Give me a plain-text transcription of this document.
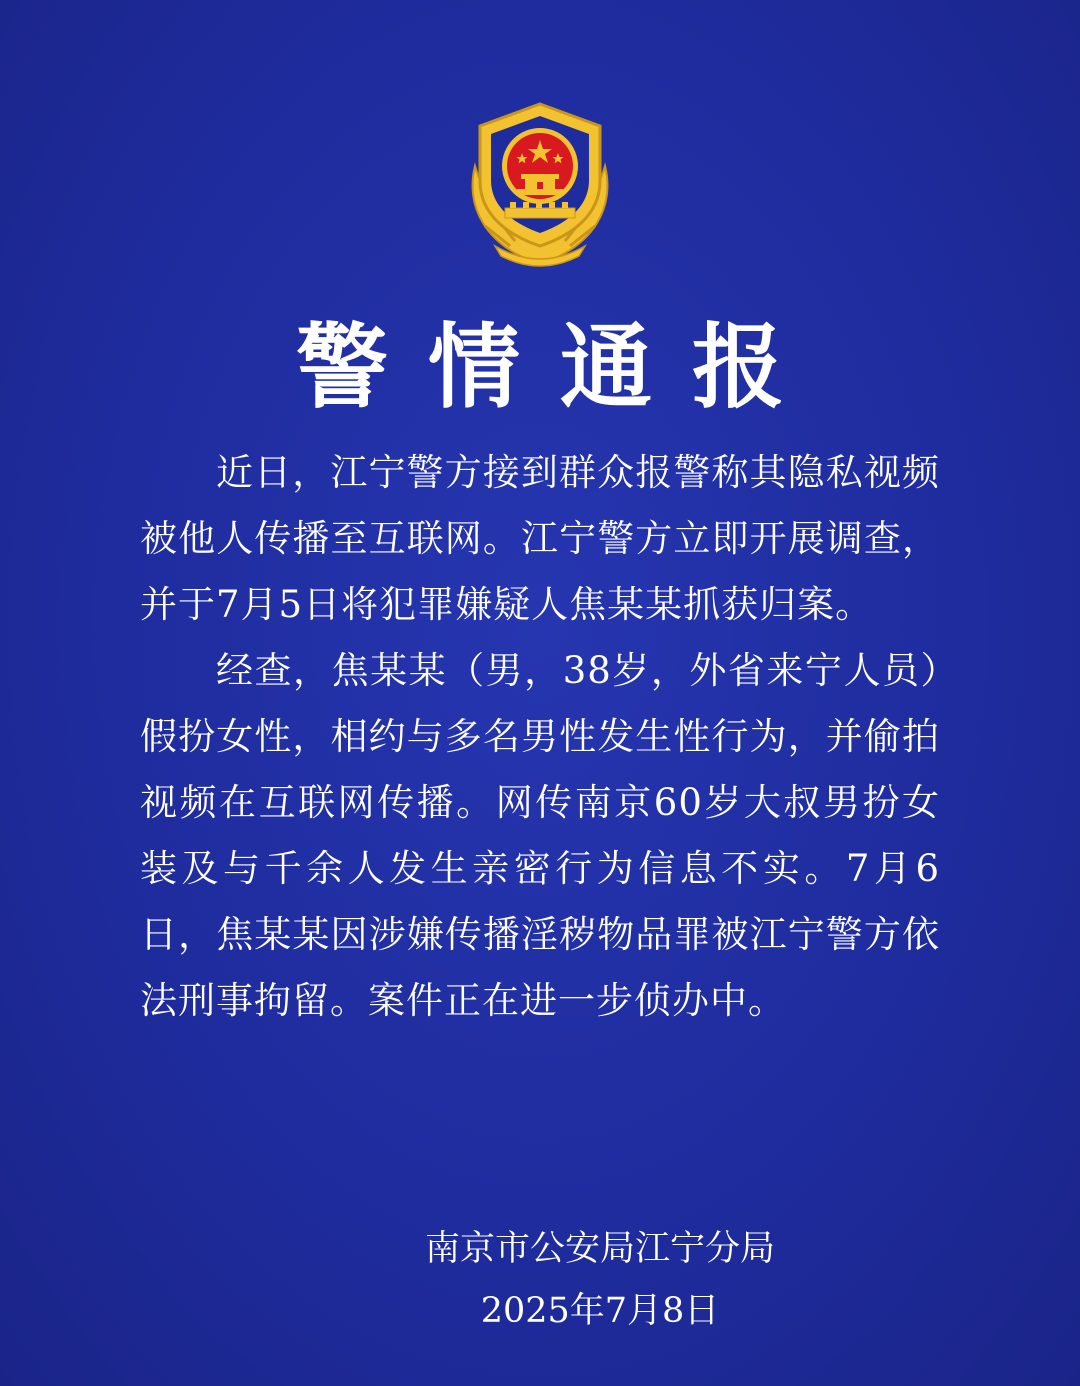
警情通报

近日，江宁警方接到群众报警称其隐私视频被他人传播至互联网。江宁警方立即开展调查，并于7月5日将犯罪嫌疑人焦某某抓获归案。

经查，焦某某（男，38岁，外省来宁人员）假扮女性，相约与多名男性发生性行为，并偷拍视频在互联网传播。网传南京60岁大叔男扮女装及与千余人发生亲密行为信息不实。7月6日，焦某某因涉嫌传播淫秽物品罪被江宁警方依法刑事拘留。案件正在进一步侦办中。

南京市公安局江宁分局
2025年7月8日
